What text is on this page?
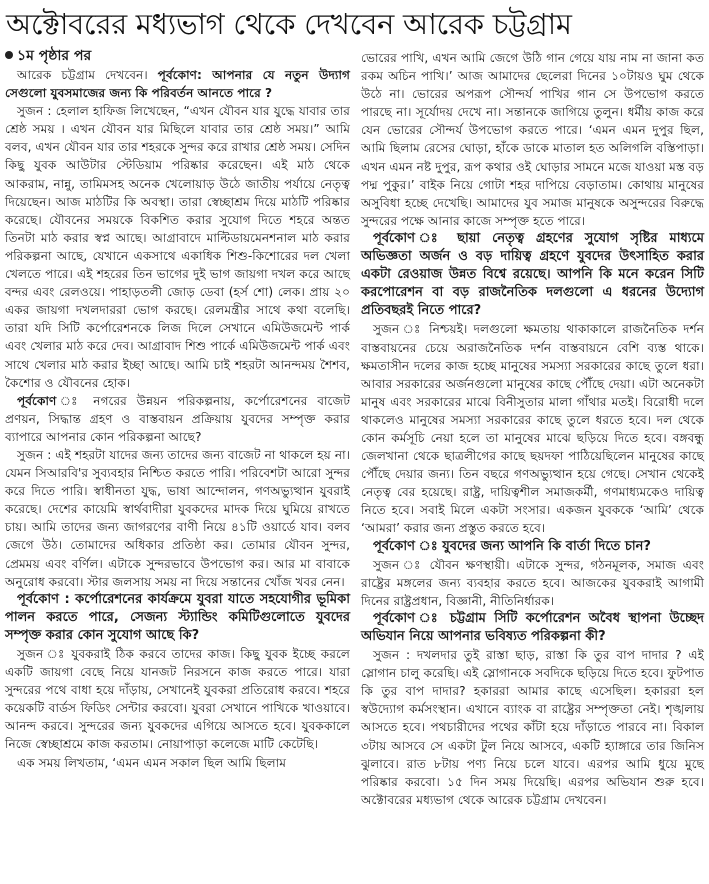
অক্টোবরের মধ্যভাগ থেকে দেখবেন আরেক চট্টগ্রাম
১ম পৃষ্ঠার পর

আরেক চট্টগ্রাম দেখবেন। পূর্বকোণ: আপনার যে নতুন উদ্যাগ সেগুলো যুবসমাজের জন্য কি পরিবর্তন আনতে পারে ?

সুজন : হেলাল হাফিজ লিখেছেন, “এখন যৌবন যার যুদ্ধে যাবার তার শ্রেষ্ঠ সময় । এখন যৌবন যার মিছিলে যাবার তার শ্রেষ্ঠ সময়।” আমি বলব, এখন যৌবন যার তার শহরকে সুন্দর করে রাখার শ্রেষ্ঠ সময়। সেদিন কিছু যুবক আউটার স্টেডিয়াম পরিষ্কার করেছেন। এই মাঠ থেকে আকরাম, নান্নু, তামিমসহ অনেক খেলোয়াড় উঠে জাতীয় পর্যায়ে নেতৃত্ব দিয়েছেন। আজ মাঠটির কি অবস্থা। তারা স্বেচ্ছাশ্রম দিয়ে মাঠটি পরিষ্কার করেছে। যৌবনের সময়কে বিকশিত করার সুযোগ দিতে শহরে অন্তত তিনটা মাঠ করার স্বপ্ন আছে। আগ্রাবাদে মাল্টিডায়মেনশনাল মাঠ করার পরিকল্পনা আছে, যেখানে একসাথে একাধিক শিশু-কিশোরের দল খেলা খেলতে পারে। এই শহরের তিন ভাগের দুই ভাগ জায়গা দখল করে আছে বন্দর এবং রেলওয়ে। পাহাড়তলী জোড় ডেবা (হর্স শো) লেক। প্রায় ২০ একর জায়গা দখলদাররা ভোগ করছে। রেলমন্ত্রীর সাথে কথা বলেছি। তারা যদি সিটি কর্পোরেশনকে লিজ দিলে সেখানে এমিউজমেন্ট পার্ক এবং খেলার মাঠ করে দেব। আগ্রাবাদ শিশু পার্কে এমিউজমেন্ট পার্ক এবং সাথে খেলার মাঠ করার ইচ্ছা আছে। আমি চাই শহরটা আনন্দময় শৈশব, কৈশোর ও যৌবনের হোক।

পূর্বকোণ ঃ নগরের উন্নয়ন পরিকল্পনায়, কর্পোরেশনের বাজেট প্রণয়ন, সিদ্ধান্ত গ্রহণ ও বাস্তবায়ন প্রক্রিয়ায় যুবদের সম্পৃক্ত করার ব্যাপারে আপনার কোন পরিকল্পনা আছে?

সুজন : এই শহরটা যাদের জন্য তাদের জন্য বাজেট না থাকলে হয় না। যেমন সিআরবি'র সুব্যবহার নিশ্চিত করতে পারি। পরিবেশটা আরো সুন্দর করে দিতে পারি। স্বাধীনতা যুদ্ধ, ভাষা আন্দোলন, গণঅভ্যুত্থান যুবরাই করেছে। দেশের কায়েমি স্বার্থবাদীরা যুবকদের মাদক দিয়ে ঘুমিয়ে রাখতে চায়। আমি তাদের জন্য জাগরণের বাণী নিয়ে ৪১টি ওয়ার্ডে যাব। বলব জেগে উঠ। তোমাদের অধিকার প্রতিষ্ঠা কর। তোমার যৌবন সুন্দর, প্রেমময় এবং বর্ণিল। এটাকে সুন্দরভাবে উপভোগ কর। আর মা বাবাকে অনুরোধ করবো। স্টার জলসায় সময় না দিয়ে সন্তানের খোঁজ খবর নেন।

পূর্বকোণ : কর্পোরেশনের কার্যক্রমে যুবরা যাতে সহযোগীর ভূমিকা পালন করতে পারে, সেজন্য স্ট্যান্ডিং কমিটিগুলোতে যুবদের সম্পৃক্ত করার কোন সুযোগ আছে কি?

সুজন ঃ যুবকরাই ঠিক করবে তাদের কাজ। কিছু যুবক ইচ্ছে করলে একটি জায়গা বেছে নিয়ে যানজট নিরসনে কাজ করতে পারে। যারা সুন্দরের পথে বাধা হয়ে দাঁড়ায়, সেখানেই যুবকরা প্রতিরোধ করবে। শহরে কয়েকটি বার্ডস ফিডিং সেন্টার করবো। যুবরা সেখানে পাখিকে খাওয়াবে। আনন্দ করবে। সুন্দরের জন্য যুবকদের এগিয়ে আসতে হবে। যুবককালে নিজে স্বেচ্ছাশ্রমে কাজ করতাম। নোয়াপাড়া কলেজে মাটি কেটেছি।

এক সময় লিখতাম, ‘এমন এমন সকাল ছিল আমি ছিলাম

ভোরের পাখি, এখন আমি জেগে উঠি গান গেয়ে যায় নাম না জানা কত রকম অচিন পাখি।’ আজ আমাদের ছেলেরা দিনের ১০টায়ও ঘুম থেকে উঠে না। ভোরের অপরূপ সৌন্দর্য পাখির গান সে উপভোগ করতে পারছে না। সূর্যোদয় দেখে না। সন্তানকে জাগিয়ে তুলুন। ধর্মীয় কাজ করে যেন ভোরের সৌন্দর্য উপভোগ করতে পারে। ‘এমন এমন দুপুর ছিল, আমি ছিলাম রেসের ঘোড়া, হাঁকে ডাকে মাতাল হত অলিগলি বস্তিপাড়া। এখন এমন নষ্ট দুপুর, রূপ কথার ওই ঘোড়ার সামনে মজে যাওয়া মস্ত বড় পদ্ম পুকুর।’ বাইক নিয়ে গোটা শহর দাপিয়ে বেড়াতাম। কোথায় মানুষের অসুবিধা হচ্ছে দেখেছি। আমাদের যুব সমাজ মানুষকে অসুন্দরের বিরুদ্ধে সুন্দরের পক্ষে আনার কাজে সম্পৃক্ত হতে পারে।

পূর্বকোণ ঃ ছায়া নেতৃত্ব গ্রহণের সুযোগ সৃষ্টির মাধ্যমে অভিজ্ঞতা অর্জন ও বড় দায়িত্ব গ্রহণে যুবদের উৎসাহিত করার একটা রেওয়াজ উন্নত বিশ্বে রয়েছে। আপনি কি মনে করেন সিটি করপোরেশন বা বড় রাজনৈতিক দলগুলো এ ধরনের উদ্যোগ প্রতিবছরই নিতে পারে?

সুজন ঃ নিশ্চয়ই। দলগুলো ক্ষমতায় থাকাকালে রাজনৈতিক দর্শন বাস্তবায়নের চেয়ে অরাজনৈতিক দর্শন বাস্তবায়নে বেশি ব্যস্ত থাকে। ক্ষমতাসীন দলের কাজ হচ্ছে মানুষের সমস্যা সরকারের কাছে তুলে ধরা। আবার সরকারের অর্জনগুলো মানুষের কাছে পৌঁছে দেয়া। এটা অনেকটা মানুষ এবং সরকারের মাঝে বিনীসুতার মালা গাঁথার মতই। বিরোধী দলে থাকলেও মানুষের সমস্যা সরকারের কাছে তুলে ধরতে হবে। দল থেকে কোন কর্মসূচি নেয়া হলে তা মানুষের মাঝে ছড়িয়ে দিতে হবে। বঙ্গবন্ধু জেলখানা থেকে ছাত্রলীগের কাছে ছয়দফা পাঠিয়েছিলেন মানুষের কাছে পৌঁছে দেয়ার জন্য। তিন বছরে গণঅভ্যুত্থান হয়ে গেছে। সেখান থেকেই নেতৃত্ব বের হয়েছে। রাষ্ট্র, দায়িত্বশীল সমাজকর্মী, গণমাধ্যমকেও দায়িত্ব নিতে হবে। সবাই মিলে একটা সংসার। একজন যুবককে ‘আমি’ থেকে ‘আমরা’ করার জন্য প্রস্তুত করতে হবে।

পূর্বকোণ ঃ যুবদের জন্য আপনি কি বার্তা দিতে চান?

সুজন ঃ যৌবন ক্ষণস্থায়ী। এটাকে সুন্দর, গঠনমূলক, সমাজ এবং রাষ্ট্রের মঙ্গলের জন্য ব্যবহার করতে হবে। আজকের যুবকরাই আগামী দিনের রাষ্ট্রপ্রধান, বিজ্ঞানী, নীতিনির্ধারক।

পূর্বকোণ ঃ চট্টগ্রাম সিটি কর্পোরেশন অবৈধ স্থাপনা উচ্ছেদ অভিযান নিয়ে আপনার ভবিষ্যত পরিকল্পনা কী?

সুজন : দখলদার তুই রাস্তা ছাড়, রাস্তা কি তুর বাপ দাদার ? এই স্লোগান চালু করেছি। এই স্লোগানকে সবদিকে ছড়িয়ে দিতে হবে। ফুটপাত কি তুর বাপ দাদার? হকাররা আমার কাছে এসেছিল। হকাররা হল স্বউদ্যোগ কর্মসংস্থান। এখানে ব্যাংক বা রাষ্ট্রের সম্পৃক্ততা নেই। শৃঙ্খলায় আসতে হবে। পথচারীদের পথের কাঁটা হয়ে দাঁড়াতে পারবে না। বিকাল ৩টায় আসবে সে একটা টুল নিয়ে আসবে, একটি হ্যাঙ্গারে তার জিনিস ঝুলাবে। রাত ৮টায় পণ্য নিয়ে চলে যাবে। এরপর আমি ধুয়ে মুছে পরিষ্কার করবো। ১৫ দিন সময় দিয়েছি। এরপর অভিযান শুরু হবে। অক্টোবরের মধ্যভাগ থেকে আরেক চট্টগ্রাম দেখবেন।
